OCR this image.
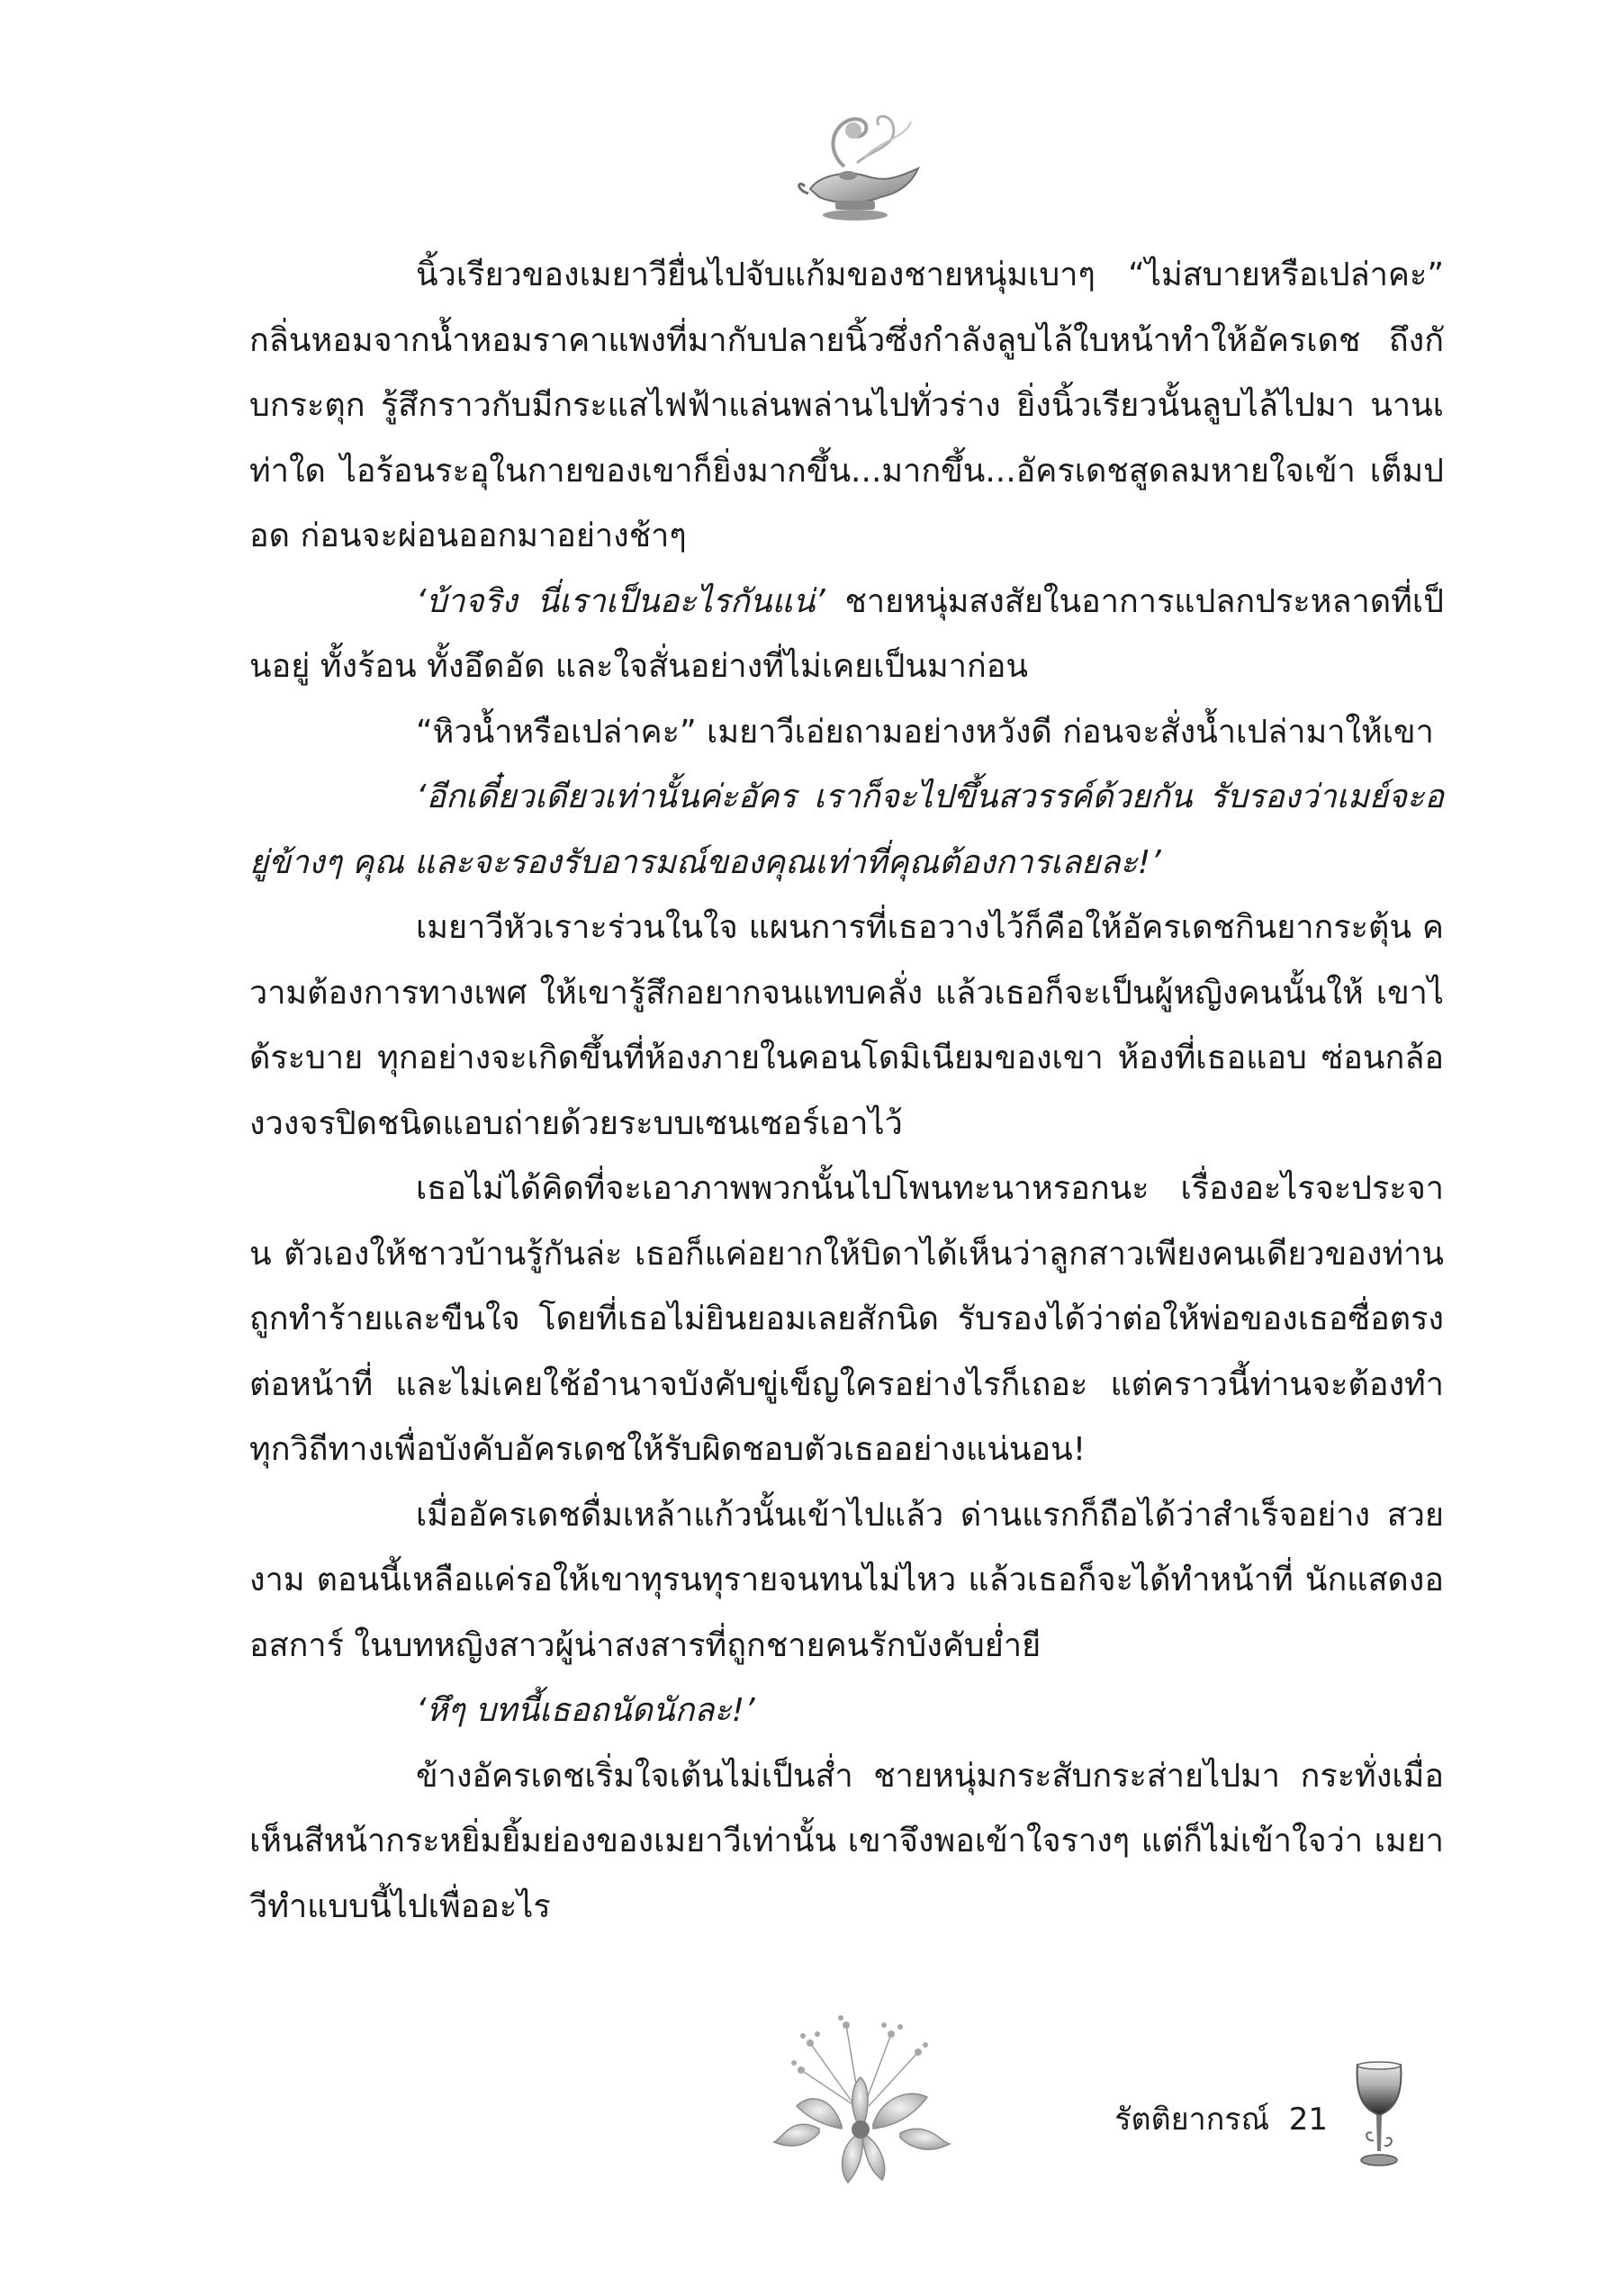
นิ้วเรียวของเมยาวียื่นไปจับแก้มของชายหนุ่มเบาๆ “ไม่สบายหรือเปล่าคะ” กลิ่นหอมจากน้ำหอมราคาแพงที่มากับปลายนิ้วซึ่งกำลังลูบไล้ใบหน้าทำให้อัครเดช ถึงกับกระตุก รู้สึกราวกับมีกระแสไฟฟ้าแล่นพล่านไปทั่วร่าง ยิ่งนิ้วเรียวนั้นลูบไล้ไปมา นานเท่าใด ไอร้อนระอุในกายของเขาก็ยิ่งมากขึ้น...มากขึ้น...อัครเดชสูดลมหายใจเข้า เต็มปอด ก่อนจะผ่อนออกมาอย่างช้าๆ

‘บ้าจริง นี่เราเป็นอะไรกันแน่’ ชายหนุ่มสงสัยในอาการแปลกประหลาดที่เป็นอยู่ ทั้งร้อน ทั้งอึดอัด และใจสั่นอย่างที่ไม่เคยเป็นมาก่อน

“หิวน้ำหรือเปล่าคะ” เมยาวีเอ่ยถามอย่างหวังดี ก่อนจะสั่งน้ำเปล่ามาให้เขา

‘อีกเดี๋ยวเดียวเท่านั้นค่ะอัคร เราก็จะไปขึ้นสวรรค์ด้วยกัน รับรองว่าเมย์จะอยู่ข้างๆ คุณ และจะรองรับอารมณ์ของคุณเท่าที่คุณต้องการเลยละ!’

เมยาวีหัวเราะร่วนในใจ แผนการที่เธอวางไว้ก็คือให้อัครเดชกินยากระตุ้น ความต้องการทางเพศ ให้เขารู้สึกอยากจนแทบคลั่ง แล้วเธอก็จะเป็นผู้หญิงคนนั้นให้ เขาได้ระบาย ทุกอย่างจะเกิดขึ้นที่ห้องภายในคอนโดมิเนียมของเขา ห้องที่เธอแอบ ซ่อนกล้องวงจรปิดชนิดแอบถ่ายด้วยระบบเซนเซอร์เอาไว้

เธอไม่ได้คิดที่จะเอาภาพพวกนั้นไปโพนทะนาหรอกนะ เรื่องอะไรจะประจาน ตัวเองให้ชาวบ้านรู้กันล่ะ เธอก็แค่อยากให้บิดาได้เห็นว่าลูกสาวเพียงคนเดียวของท่าน ถูกทำร้ายและขืนใจ โดยที่เธอไม่ยินยอมเลยสักนิด รับรองได้ว่าต่อให้พ่อของเธอซื่อตรง ต่อหน้าที่ และไม่เคยใช้อำนาจบังคับขู่เข็ญใครอย่างไรก็เถอะ แต่คราวนี้ท่านจะต้องทำ ทุกวิถีทางเพื่อบังคับอัครเดชให้รับผิดชอบตัวเธออย่างแน่นอน!

เมื่ออัครเดชดื่มเหล้าแก้วนั้นเข้าไปแล้ว ด่านแรกก็ถือได้ว่าสำเร็จอย่าง สวยงาม ตอนนี้เหลือแค่รอให้เขาทุรนทุรายจนทนไม่ไหว แล้วเธอก็จะได้ทำหน้าที่ นักแสดงออสการ์ ในบทหญิงสาวผู้น่าสงสารที่ถูกชายคนรักบังคับย่ำยี

‘หึๆ บทนี้เธอถนัดนักละ!’

ข้างอัครเดชเริ่มใจเต้นไม่เป็นส่ำ ชายหนุ่มกระสับกระส่ายไปมา กระทั่งเมื่อ เห็นสีหน้ากระหยิ่มยิ้มย่องของเมยาวีเท่านั้น เขาจึงพอเข้าใจรางๆ แต่ก็ไม่เข้าใจว่า เมยาวีทำแบบนี้ไปเพื่ออะไร

รัตติยากรณ์ 21
